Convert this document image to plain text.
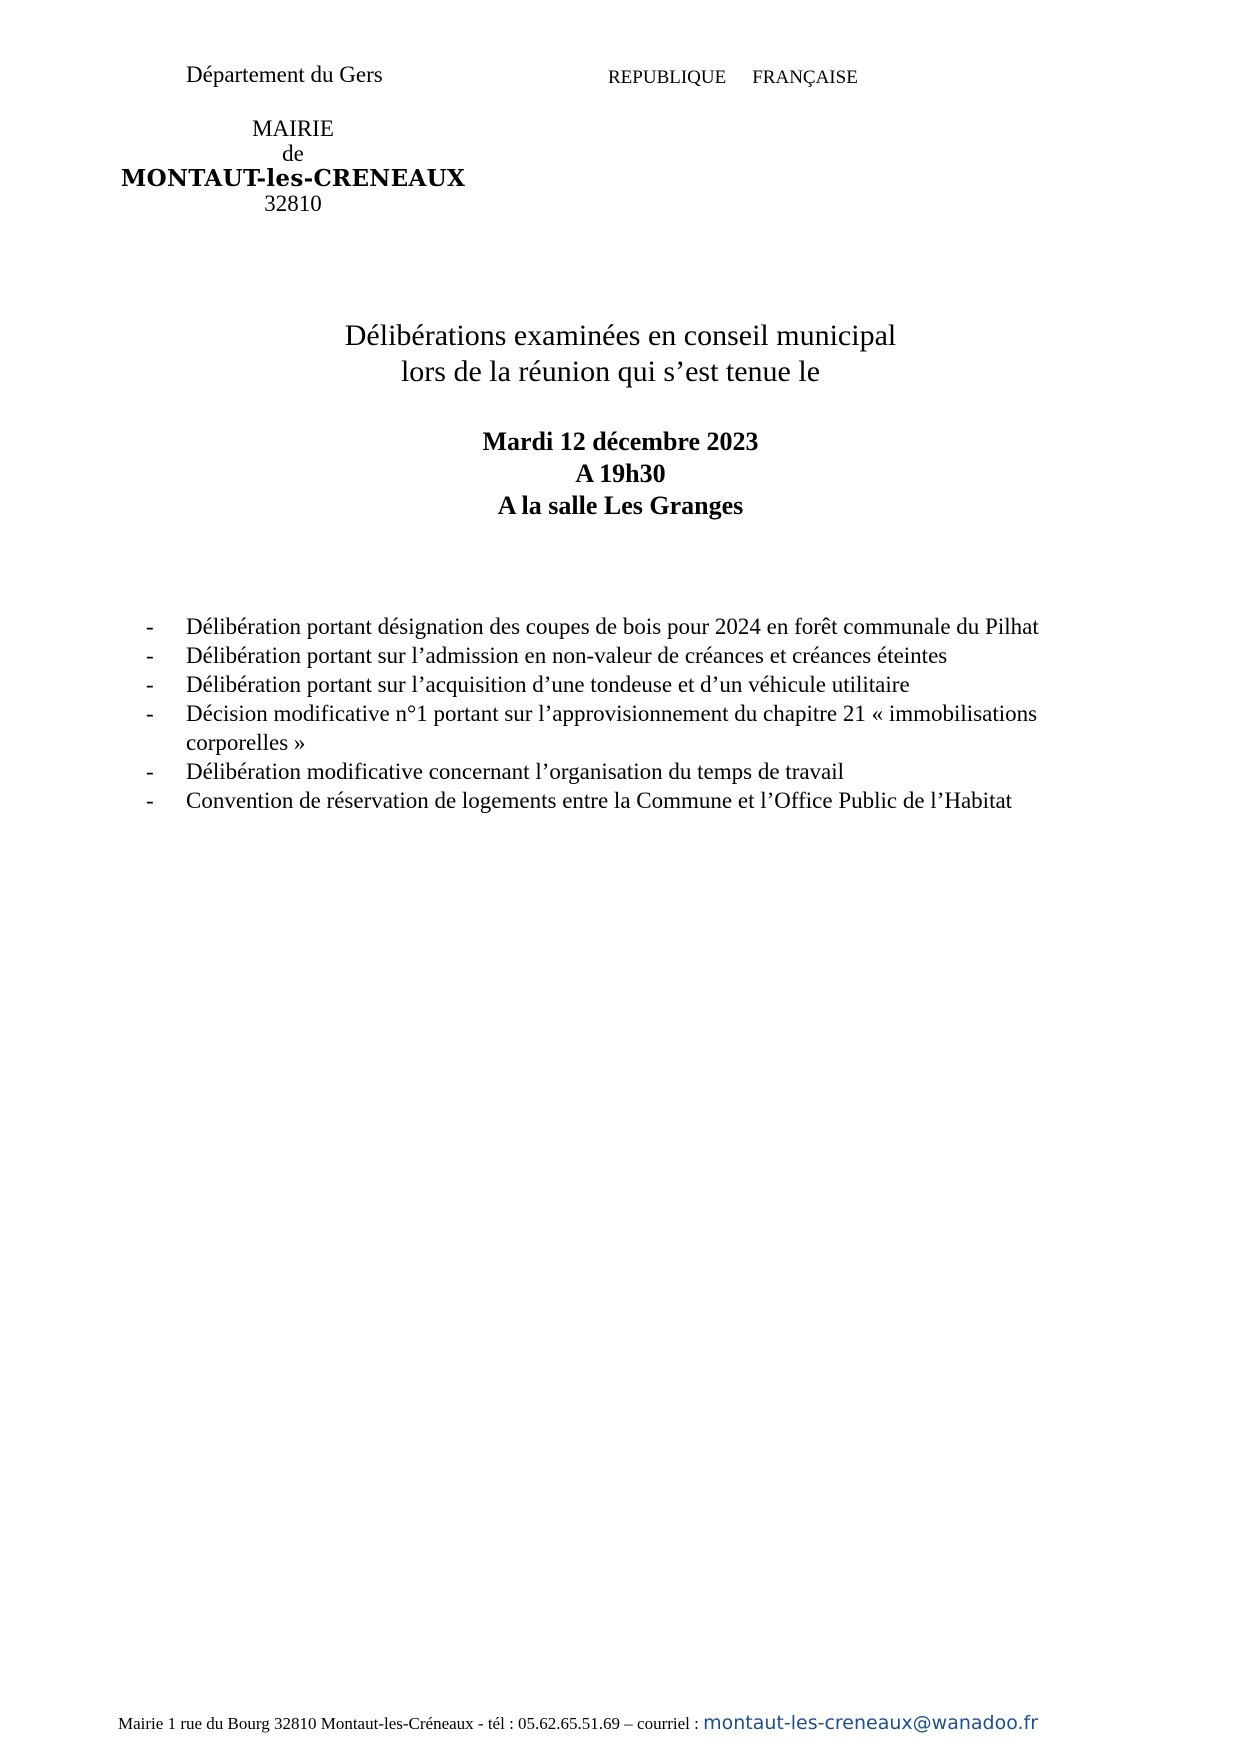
Département du Gers
MAIRIE
de
MONTAUT-les-CRENEAUX
32810
REPUBLIQUE FRANÇAISE
Délibérations examinées en conseil municipal
lors de la réunion qui s’est tenue le
Mardi 12 décembre 2023
A 19h30
A la salle Les Granges
- Délibération portant désignation des coupes de bois pour 2024 en forêt communale du Pilhat
- Délibération portant sur l’admission en non-valeur de créances et créances éteintes
- Délibération portant sur l’acquisition d’une tondeuse et d’un véhicule utilitaire
- Décision modificative n°1 portant sur l’approvisionnement du chapitre 21 « immobilisations corporelles »
- Délibération modificative concernant l’organisation du temps de travail
- Convention de réservation de logements entre la Commune et l’Office Public de l’Habitat
Mairie 1 rue du Bourg 32810 Montaut-les-Créneaux - tél : 05.62.65.51.69 – courriel : montaut-les-creneaux@wanadoo.fr
